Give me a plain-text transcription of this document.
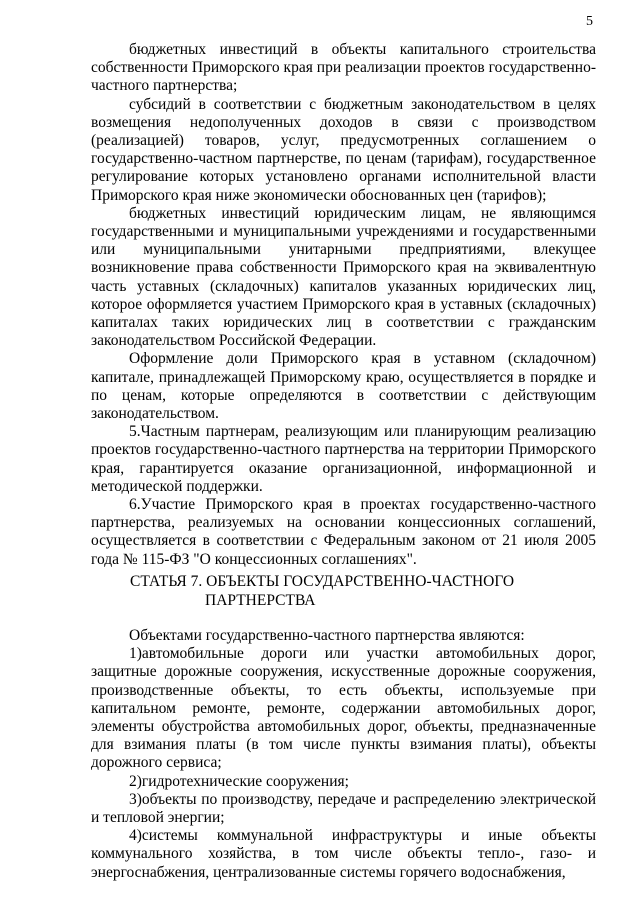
5

бюджетных инвестиций в объекты капитального строительства собственности Приморского края при реализации проектов государственно-частного партнерства;

субсидий в соответствии с бюджетным законодательством в целях возмещения недополученных доходов в связи с производством (реализацией) товаров, услуг, предусмотренных соглашением о государственно-частном партнерстве, по ценам (тарифам), государственное регулирование которых установлено органами исполнительной власти Приморского края ниже экономически обоснованных цен (тарифов);

бюджетных инвестиций юридическим лицам, не являющимся государственными и муниципальными учреждениями и государственными или муниципальными унитарными предприятиями, влекущее возникновение права собственности Приморского края на эквивалентную часть уставных (складочных) капиталов указанных юридических лиц, которое оформляется участием Приморского края в уставных (складочных) капиталах таких юридических лиц в соответствии с гражданским законодательством Российской Федерации.

Оформление доли Приморского края в уставном (складочном) капитале, принадлежащей Приморскому краю, осуществляется в порядке и по ценам, которые определяются в соответствии с действующим законодательством.

5.Частным партнерам, реализующим или планирующим реализацию проектов государственно-частного партнерства на территории Приморского края, гарантируется оказание организационной, информационной и методической поддержки.

6.Участие Приморского края в проектах государственно-частного партнерства, реализуемых на основании концессионных соглашений, осуществляется в соответствии с Федеральным законом от 21 июля 2005 года № 115-ФЗ "О концессионных соглашениях".

СТАТЬЯ 7. ОБЪЕКТЫ ГОСУДАРСТВЕННО-ЧАСТНОГО
ПАРТНЕРСТВА

Объектами государственно-частного партнерства являются:

1)автомобильные дороги или участки автомобильных дорог, защитные дорожные сооружения, искусственные дорожные сооружения, производственные объекты, то есть объекты, используемые при капитальном ремонте, ремонте, содержании автомобильных дорог, элементы обустройства автомобильных дорог, объекты, предназначенные для взимания платы (в том числе пункты взимания платы), объекты дорожного сервиса;

2)гидротехнические сооружения;

3)объекты по производству, передаче и распределению электрической и тепловой энергии;

4)системы коммунальной инфраструктуры и иные объекты коммунального хозяйства, в том числе объекты тепло-, газо- и энергоснабжения, централизованные системы горячего водоснабжения,
